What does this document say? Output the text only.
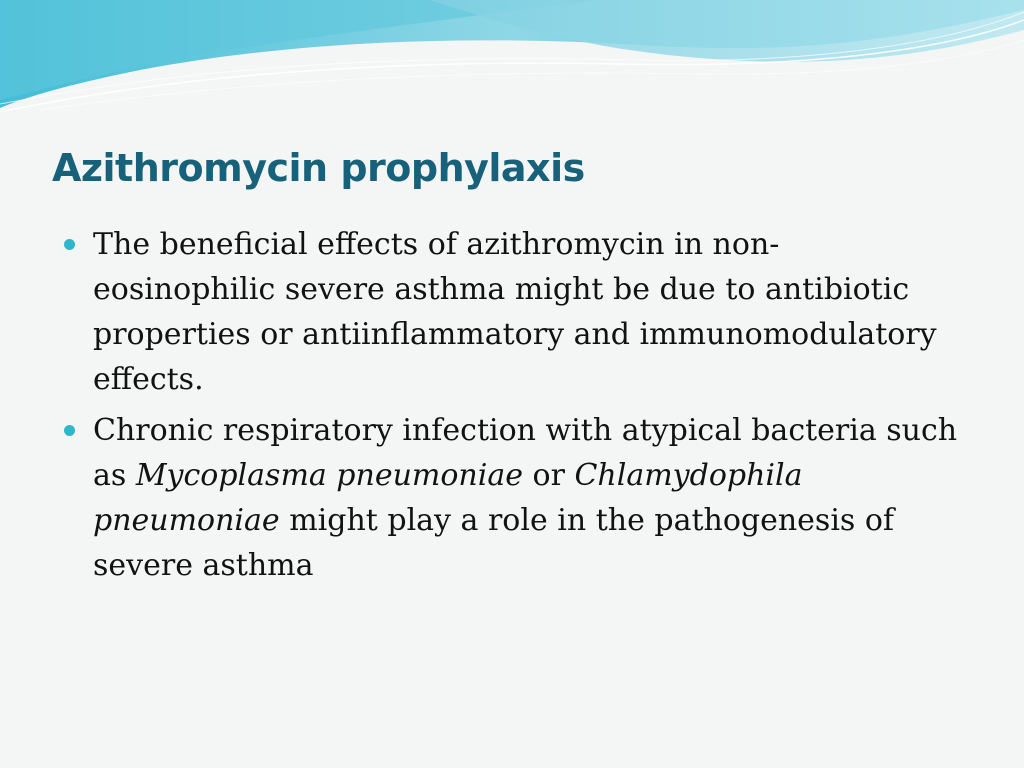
Azithromycin prophylaxis
The beneficial effects of azithromycin in non-eosinophilic severe asthma might be due to antibiotic properties or antiinflammatory and immunomodulatory effects.
Chronic respiratory infection with atypical bacteria such as Mycoplasma pneumoniae or Chlamydophila pneumoniae might play a role in the pathogenesis of severe asthma
